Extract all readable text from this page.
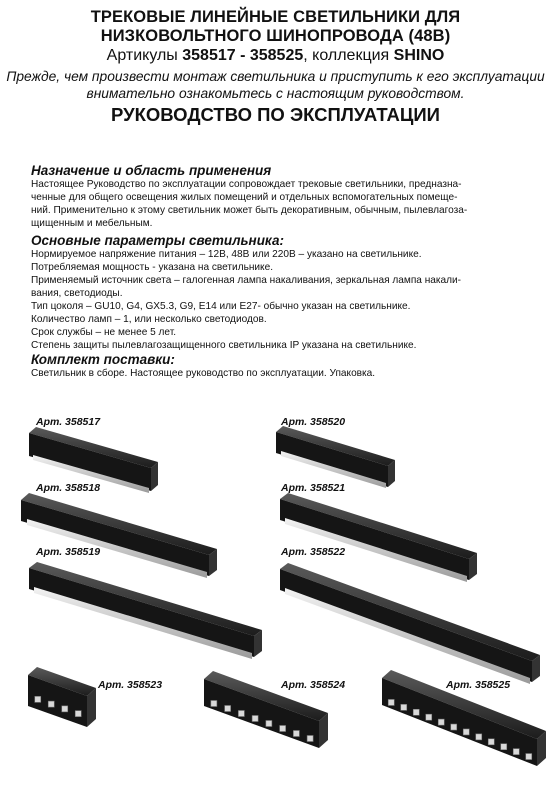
ТРЕКОВЫЕ ЛИНЕЙНЫЕ СВЕТИЛЬНИКИ ДЛЯ
НИЗКОВОЛЬТНОГО ШИНОПРОВОДА (48В)
Артикулы 358517 - 358525, коллекция SHINO
Прежде, чем произвести монтаж светильника и приступить к его эксплуатации внимательно ознакомьтесь с настоящим руководством.
РУКОВОДСТВО ПО ЭКСПЛУАТАЦИИ
Назначение и область применения
Настоящее Руководство по эксплуатации сопровождает трековые светильники, предназна-
ченные для общего освещения жилых помещений и отдельных вспомогательных помеще-
ний. Применительно к этому светильник может быть декоративным, обычным, пылевлагоза-
щищенным и мебельным.
Основные параметры светильника:
Нормируемое напряжение питания – 12В, 48В или 220В – указано на светильнике.
Потребляемая мощность - указана на светильнике.
Применяемый источник света – галогенная лампа накаливания, зеркальная лампа накали-
вания, светодиоды.
Тип цоколя – GU10, G4, GX5.3, G9, E14 или E27- обычно указан на светильнике.
Количество ламп – 1, или несколько светодиодов.
Срок службы – не менее 5 лет.
Степень защиты пылевлагозащищенного светильника IP указана на светильнике.
Комплект поставки:
Светильник в сборе. Настоящее руководство по эксплуатации. Упаковка.
Арт. 358517
Арт. 358518
Арт. 358519
Арт. 358520
Арт. 358521
Арт. 358522
Арт. 358523	Арт. 358524	Арт. 358525
